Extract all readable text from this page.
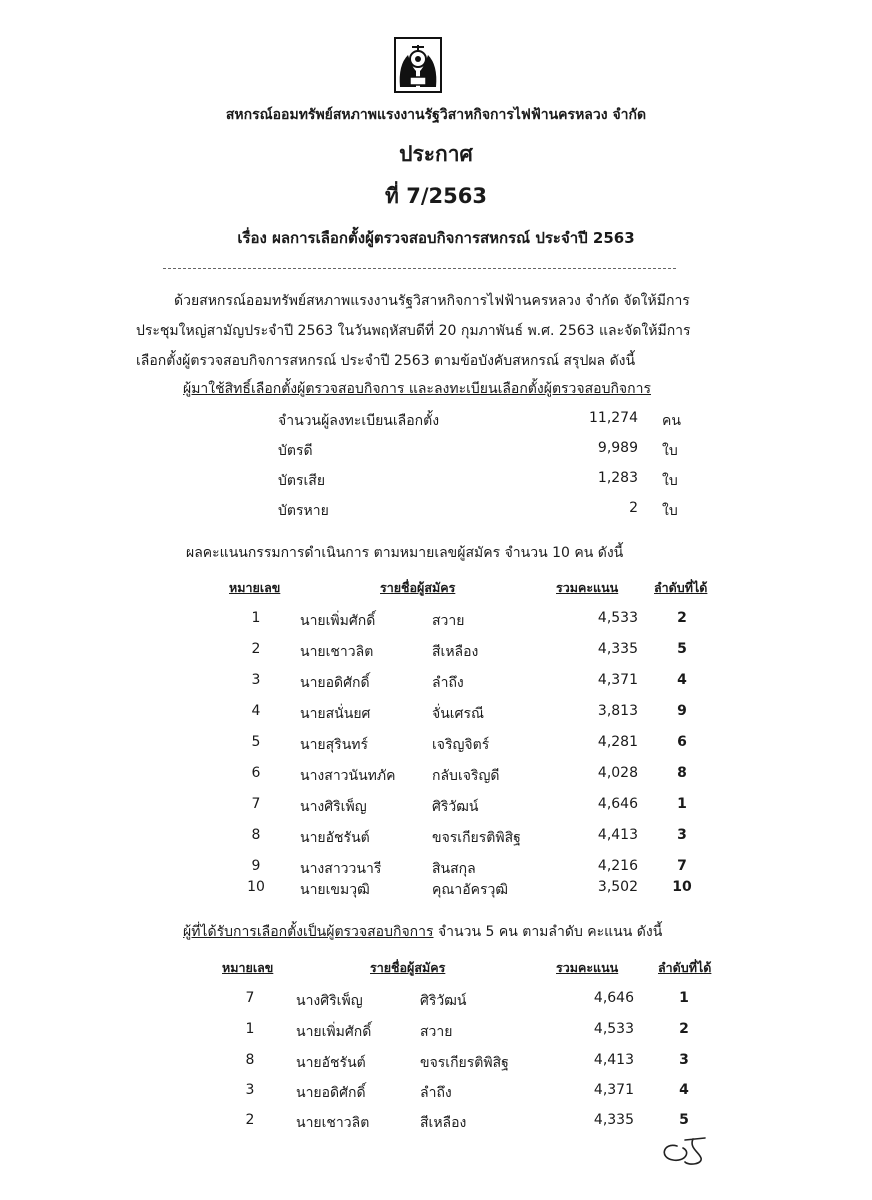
สหกรณ์ออมทรัพย์สหภาพแรงงานรัฐวิสาหกิจการไฟฟ้านครหลวง จำกัด
ประกาศ
ที่ 7/2563
เรื่อง ผลการเลือกตั้งผู้ตรวจสอบกิจการสหกรณ์ ประจำปี 2563
ด้วยสหกรณ์ออมทรัพย์สหภาพแรงงานรัฐวิสาหกิจการไฟฟ้านครหลวง จำกัด จัดให้มีการ
ประชุมใหญ่สามัญประจำปี 2563 ในวันพฤหัสบดีที่ 20 กุมภาพันธ์ พ.ศ. 2563 และจัดให้มีการ
เลือกตั้งผู้ตรวจสอบกิจการสหกรณ์ ประจำปี 2563 ตามข้อบังคับสหกรณ์ สรุปผล ดังนี้
ผู้มาใช้สิทธิ์เลือกตั้งผู้ตรวจสอบกิจการ และลงทะเบียนเลือกตั้งผู้ตรวจสอบกิจการ
จำนวนผู้ลงทะเบียนเลือกตั้ง	11,274 คน
บัตรดี	9,989 ใบ
บัตรเสีย	1,283 ใบ
บัตรหาย	2 ใบ
ผลคะแนนกรรมการดำเนินการ ตามหมายเลขผู้สมัคร จำนวน 10 คน ดังนี้
หมายเลข	รายชื่อผู้สมัคร	รวมคะแนน	ลำดับที่ได้
1	นายเพิ่มศักดิ์	สวาย	4,533	2
2	นายเชาวลิต	สีเหลือง	4,335	5
3	นายอดิศักดิ์	ลำถึง	4,371	4
4	นายสนั่นยศ	จั่นเศรณี	3,813	9
5	นายสุรินทร์	เจริญจิตร์	4,281	6
6	นางสาวนันทภัค	กลับเจริญดี	4,028	8
7	นางศิริเพ็ญ	ศิริวัฒน์	4,646	1
8	นายอัชรันต์	ขจรเกียรติพิสิฐ	4,413	3
9	นางสาววนารี	สินสกุล	4,216	7
10	นายเขมวุฒิ	คุณาอัครวุฒิ	3,502	10
ผู้ที่ได้รับการเลือกตั้งเป็นผู้ตรวจสอบกิจการ จำนวน 5 คน ตามลำดับ คะแนน ดังนี้
หมายเลข	รายชื่อผู้สมัคร	รวมคะแนน	ลำดับที่ได้
7	นางศิริเพ็ญ	ศิริวัฒน์	4,646	1
1	นายเพิ่มศักดิ์	สวาย	4,533	2
8	นายอัชรันต์	ขจรเกียรติพิสิฐ	4,413	3
3	นายอดิศักดิ์	ลำถึง	4,371	4
2	นายเชาวลิต	สีเหลือง	4,335	5
